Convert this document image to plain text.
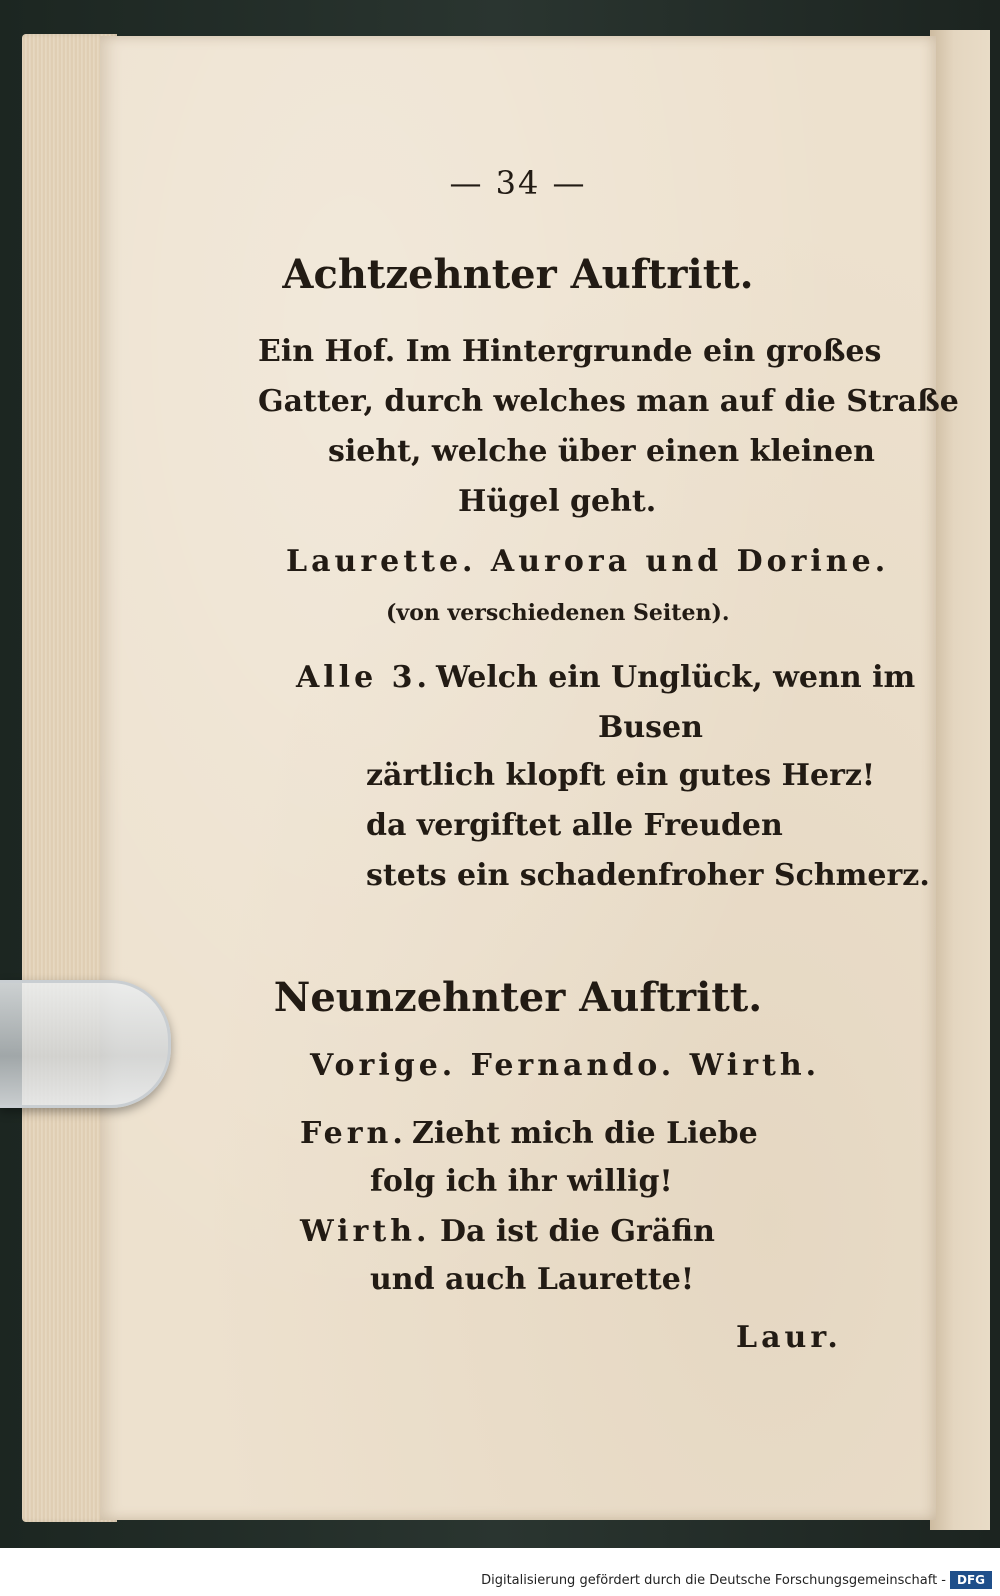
— 34 —
Achtzehnter Auftritt.
Ein Hof. Im Hintergrunde ein großes
Gatter, durch welches man auf die Straße
sieht, welche über einen kleinen
Hügel geht.
Laurette. Aurora und Dorine.
(von verschiedenen Seiten).
Alle 3. Welch ein Unglück, wenn im
Busen
zärtlich klopft ein gutes Herz!
da vergiftet alle Freuden
stets ein schadenfroher Schmerz.
Neunzehnter Auftritt.
Vorige. Fernando. Wirth.
Fern. Zieht mich die Liebe
folg ich ihr willig!
Wirth. Da ist die Gräfin
und auch Laurette!
Laur.
Digitalisierung gefördert durch die Deutsche Forschungsgemeinschaft - DFG
